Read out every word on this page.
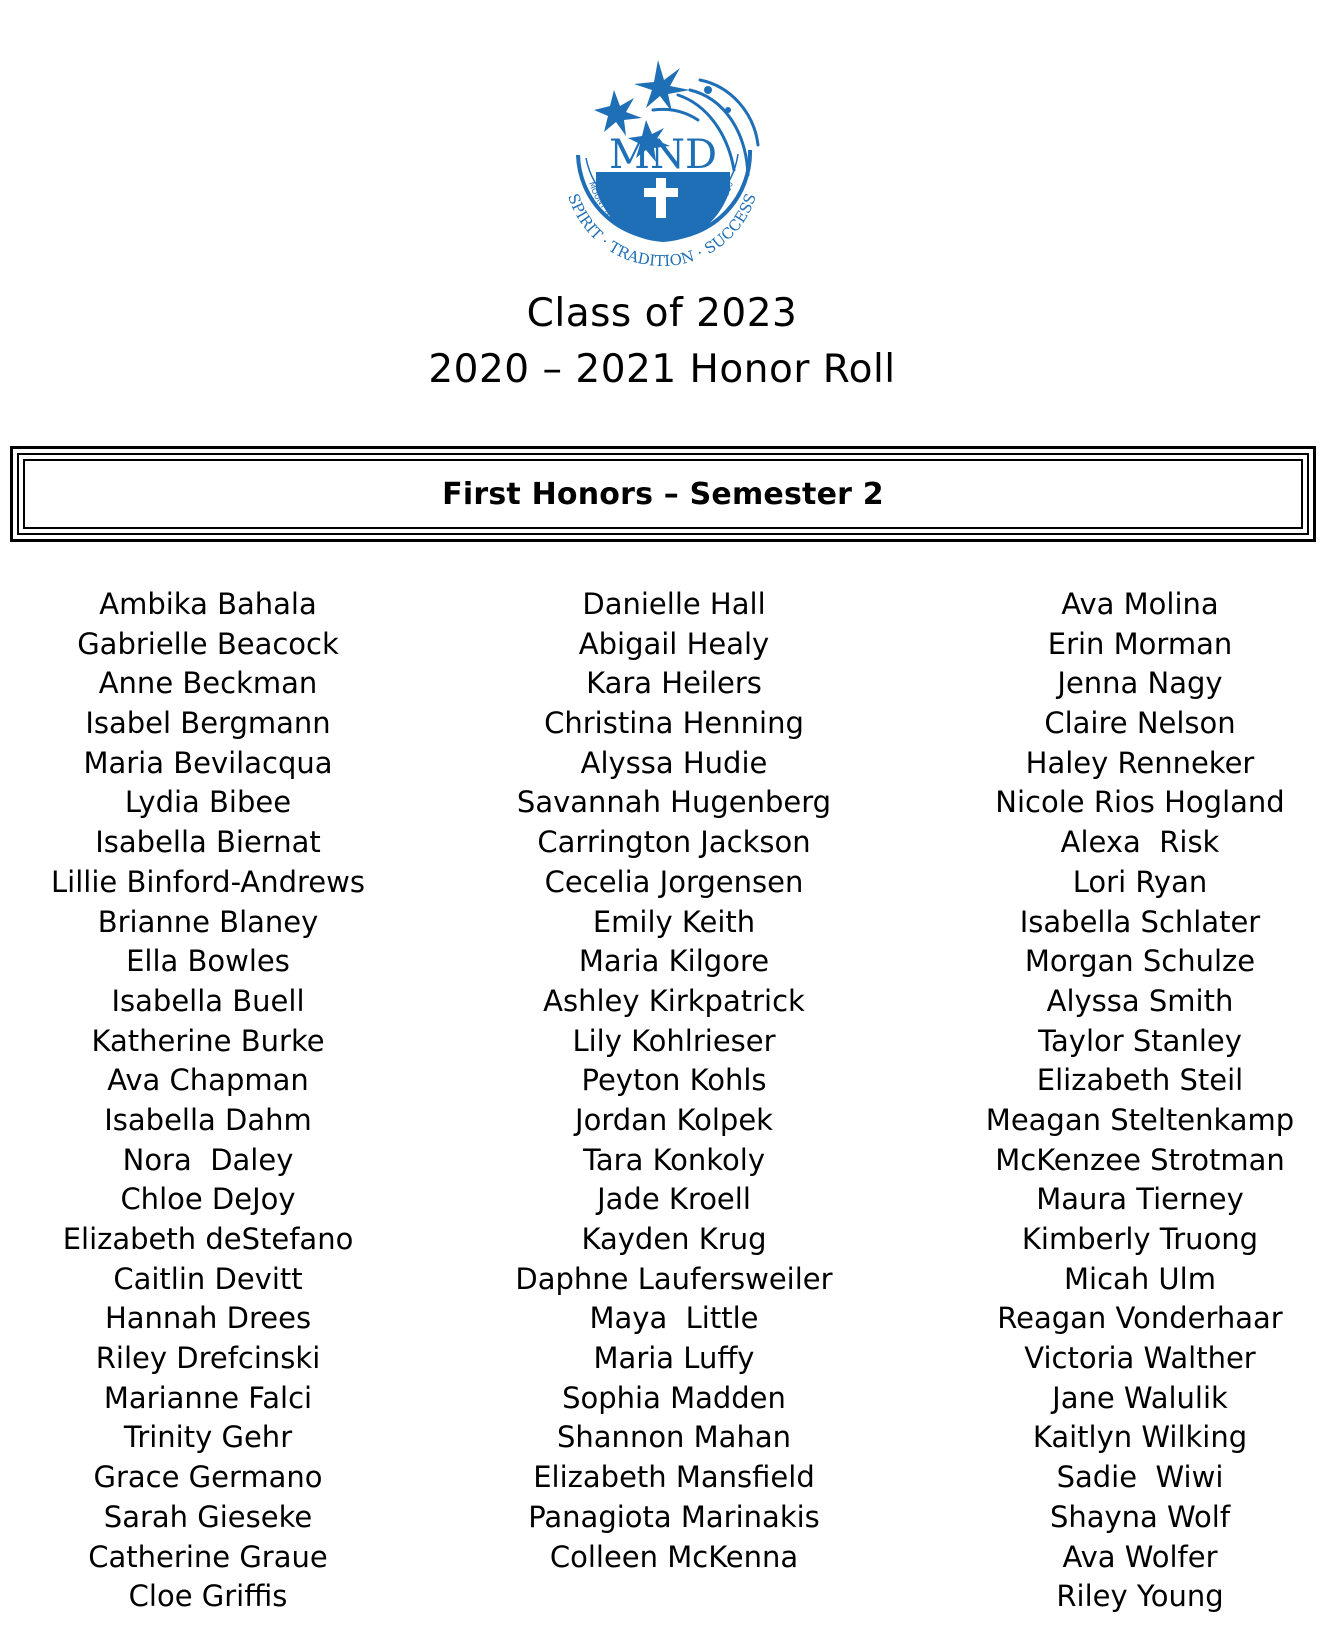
MND
MOUNT NOTRE DAME HIGH SCHOOL · EST. 1860
SPIRIT · TRADITION · SUCCESS
Class of 2023
2020 – 2021 Honor Roll
First Honors – Semester 2
Ambika Bahala
Gabrielle Beacock
Anne Beckman
Isabel Bergmann
Maria Bevilacqua
Lydia Bibee
Isabella Biernat
Lillie Binford-Andrews
Brianne Blaney
Ella Bowles
Isabella Buell
Katherine Burke
Ava Chapman
Isabella Dahm
Nora  Daley
Chloe DeJoy
Elizabeth deStefano
Caitlin Devitt
Hannah Drees
Riley Drefcinski
Marianne Falci
Trinity Gehr
Grace Germano
Sarah Gieseke
Catherine Graue
Cloe Griffis
Danielle Hall
Abigail Healy
Kara Heilers
Christina Henning
Alyssa Hudie
Savannah Hugenberg
Carrington Jackson
Cecelia Jorgensen
Emily Keith
Maria Kilgore
Ashley Kirkpatrick
Lily Kohlrieser
Peyton Kohls
Jordan Kolpek
Tara Konkoly
Jade Kroell
Kayden Krug
Daphne Laufersweiler
Maya  Little
Maria Luffy
Sophia Madden
Shannon Mahan
Elizabeth Mansfield
Panagiota Marinakis
Colleen McKenna
Ava Molina
Erin Morman
Jenna Nagy
Claire Nelson
Haley Renneker
Nicole Rios Hogland
Alexa  Risk
Lori Ryan
Isabella Schlater
Morgan Schulze
Alyssa Smith
Taylor Stanley
Elizabeth Steil
Meagan Steltenkamp
McKenzee Strotman
Maura Tierney
Kimberly Truong
Micah Ulm
Reagan Vonderhaar
Victoria Walther
Jane Walulik
Kaitlyn Wilking
Sadie  Wiwi
Shayna Wolf
Ava Wolfer
Riley Young
